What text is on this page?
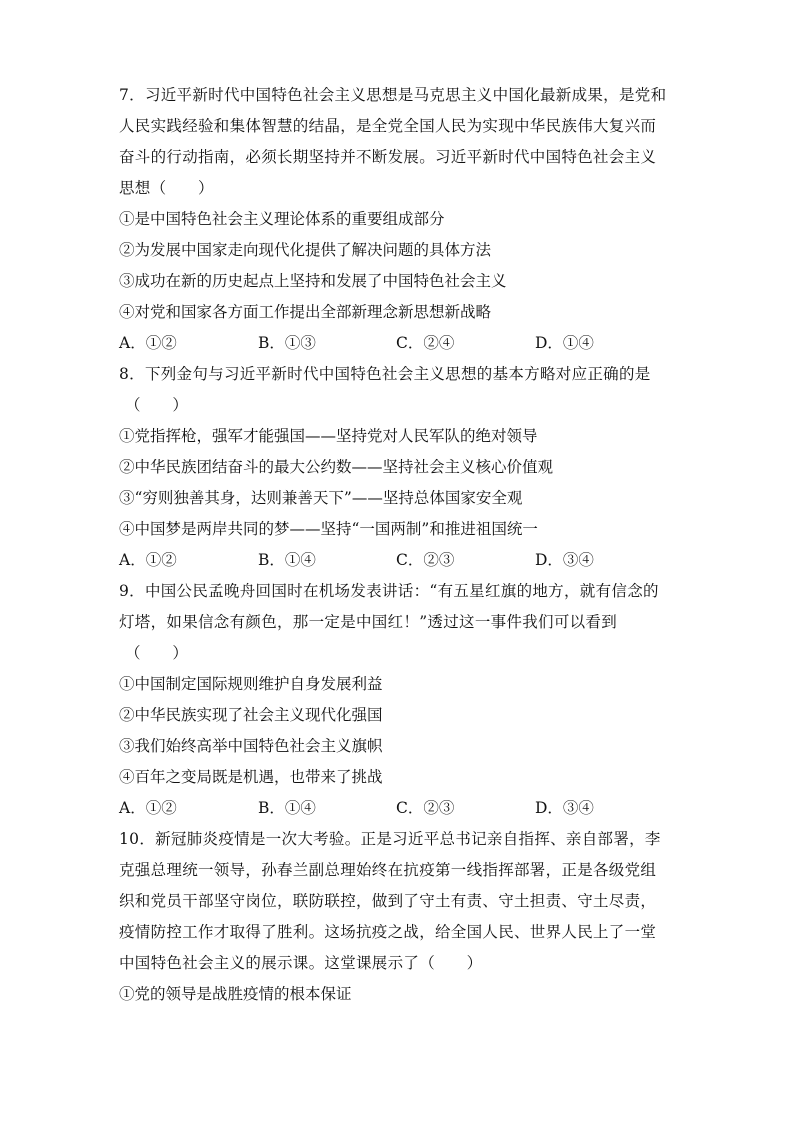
7．习近平新时代中国特色社会主义思想是马克思主义中国化最新成果，是党和
人民实践经验和集体智慧的结晶，是全党全国人民为实现中华民族伟大复兴而
奋斗的行动指南，必须长期坚持并不断发展。习近平新时代中国特色社会主义
思想（　　）
①是中国特色社会主义理论体系的重要组成部分
②为发展中国家走向现代化提供了解决问题的具体方法
③成功在新的历史起点上坚持和发展了中国特色社会主义
④对党和国家各方面工作提出全部新理念新思想新战略
A．①②	B．①③	C．②④	D．①④
8．下列金句与习近平新时代中国特色社会主义思想的基本方略对应正确的是
（　　）
①党指挥枪，强军才能强国——坚持党对人民军队的绝对领导
②中华民族团结奋斗的最大公约数——坚持社会主义核心价值观
③“穷则独善其身，达则兼善天下”——坚持总体国家安全观
④中国梦是两岸共同的梦——坚持“一国两制”和推进祖国统一
A．①②	B．①④	C．②③	D．③④
9．中国公民孟晚舟回国时在机场发表讲话：“有五星红旗的地方，就有信念的
灯塔，如果信念有颜色，那一定是中国红！”透过这一事件我们可以看到
（　　）
①中国制定国际规则维护自身发展利益
②中华民族实现了社会主义现代化强国
③我们始终高举中国特色社会主义旗帜
④百年之变局既是机遇，也带来了挑战
A．①②	B．①④	C．②③	D．③④
10．新冠肺炎疫情是一次大考验。正是习近平总书记亲自指挥、亲自部署，李
克强总理统一领导，孙春兰副总理始终在抗疫第一线指挥部署，正是各级党组
织和党员干部坚守岗位，联防联控，做到了守土有责、守土担责、守土尽责，
疫情防控工作才取得了胜利。这场抗疫之战，给全国人民、世界人民上了一堂
中国特色社会主义的展示课。这堂课展示了（　　）
①党的领导是战胜疫情的根本保证
